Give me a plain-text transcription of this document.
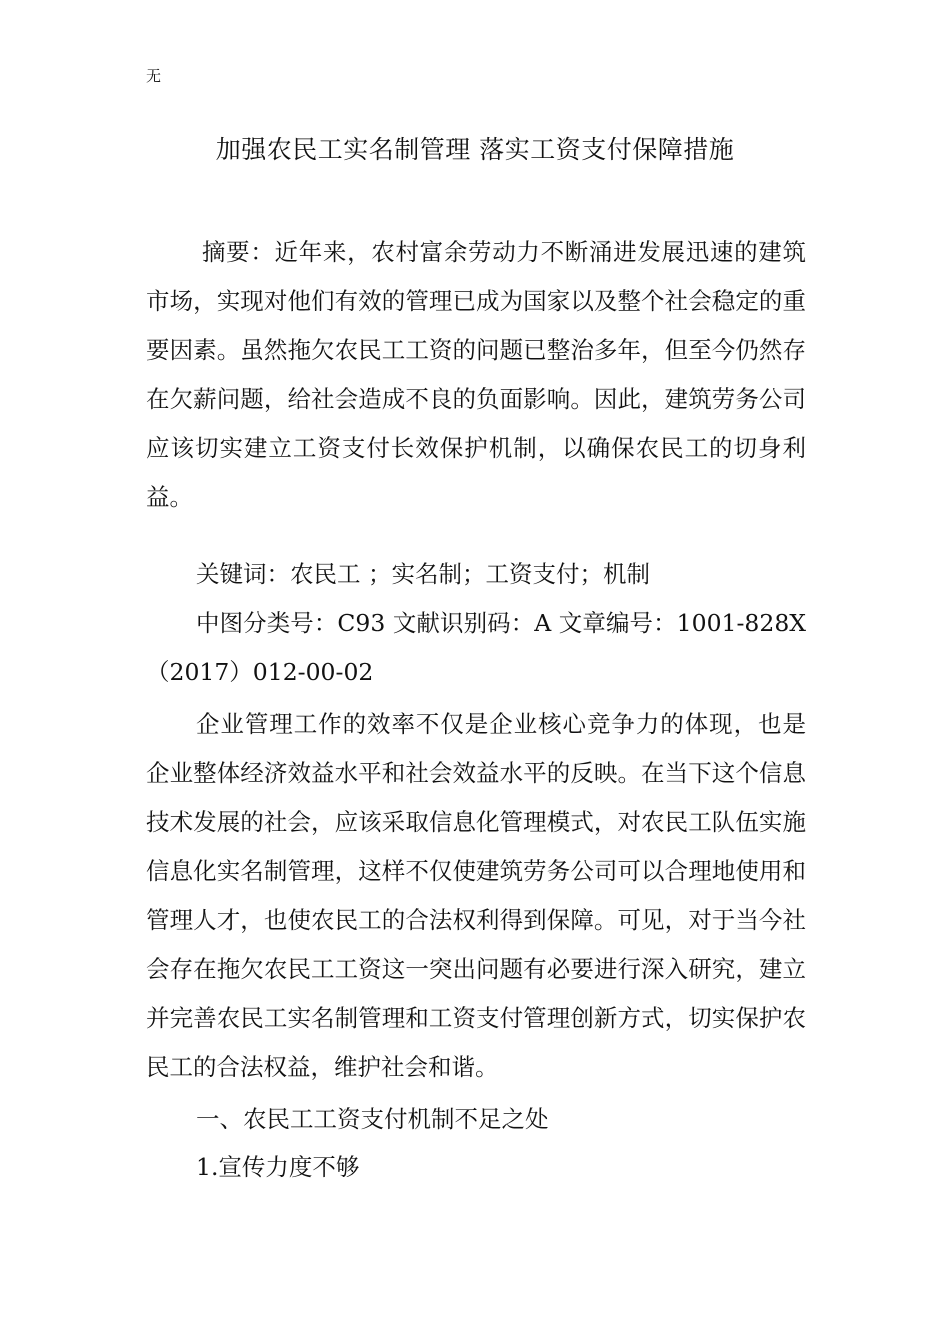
无
加强农民工实名制管理 落实工资支付保障措施

摘要：近年来，农村富余劳动力不断涌进发展迅速的建筑市场，实现对他们有效的管理已成为国家以及整个社会稳定的重要因素。虽然拖欠农民工工资的问题已整治多年，但至今仍然存在欠薪问题，给社会造成不良的负面影响。因此，建筑劳务公司应该切实建立工资支付长效保护机制，以确保农民工的切身利益。

关键词：农民工 ；实名制；工资支付；机制

中图分类号：C93 文献识别码：A 文章编号：1001-828X（2017）012-00-02

企业管理工作的效率不仅是企业核心竞争力的体现，也是企业整体经济效益水平和社会效益水平的反映。在当下这个信息技术发展的社会，应该采取信息化管理模式，对农民工队伍实施信息化实名制管理，这样不仅使建筑劳务公司可以合理地使用和管理人才，也使农民工的合法权利得到保障。可见，对于当今社会存在拖欠农民工工资这一突出问题有必要进行深入研究，建立并完善农民工实名制管理和工资支付管理创新方式，切实保护农民工的合法权益，维护社会和谐。

一、农民工工资支付机制不足之处

1.宣传力度不够
